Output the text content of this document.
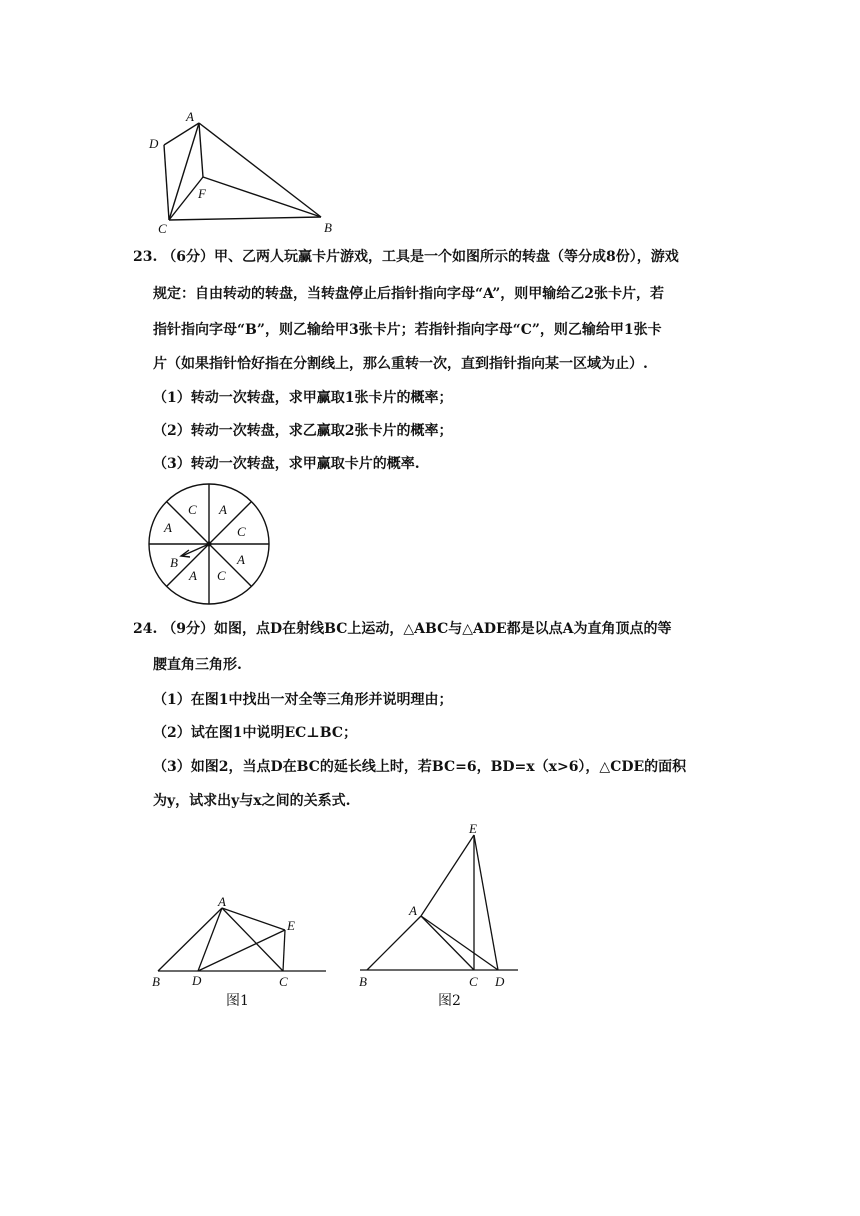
A
D
F
C	B
23. （6分）甲、乙两人玩赢卡片游戏，工具是一个如图所示的转盘（等分成8份），游戏
规定：自由转动的转盘，当转盘停止后指针指向字母“A”，则甲输给乙2张卡片，若
指针指向字母“B”，则乙输给甲3张卡片；若指针指向字母“C”，则乙输给甲1张卡
片（如果指针恰好指在分割线上，那么重转一次，直到指针指向某一区域为止）.
（1）转动一次转盘，求甲赢取1张卡片的概率；
（2）转动一次转盘，求乙赢取2张卡片的概率；
（3）转动一次转盘，求甲赢取卡片的概率.
A
C
A
C
A
B
A
C
24. （9分）如图，点D在射线BC上运动，△ABC与△ADE都是以点A为直角顶点的等
腰直角三角形.
（1）在图1中找出一对全等三角形并说明理由；
（2）试在图1中说明EC⊥BC；
（3）如图2，当点D在BC的延长线上时，若BC=6，BD=x（x>6），△CDE的面积
为y，试求出y与x之间的关系式.
A
E
B D	C
图1
E
A
B	C D
图2
